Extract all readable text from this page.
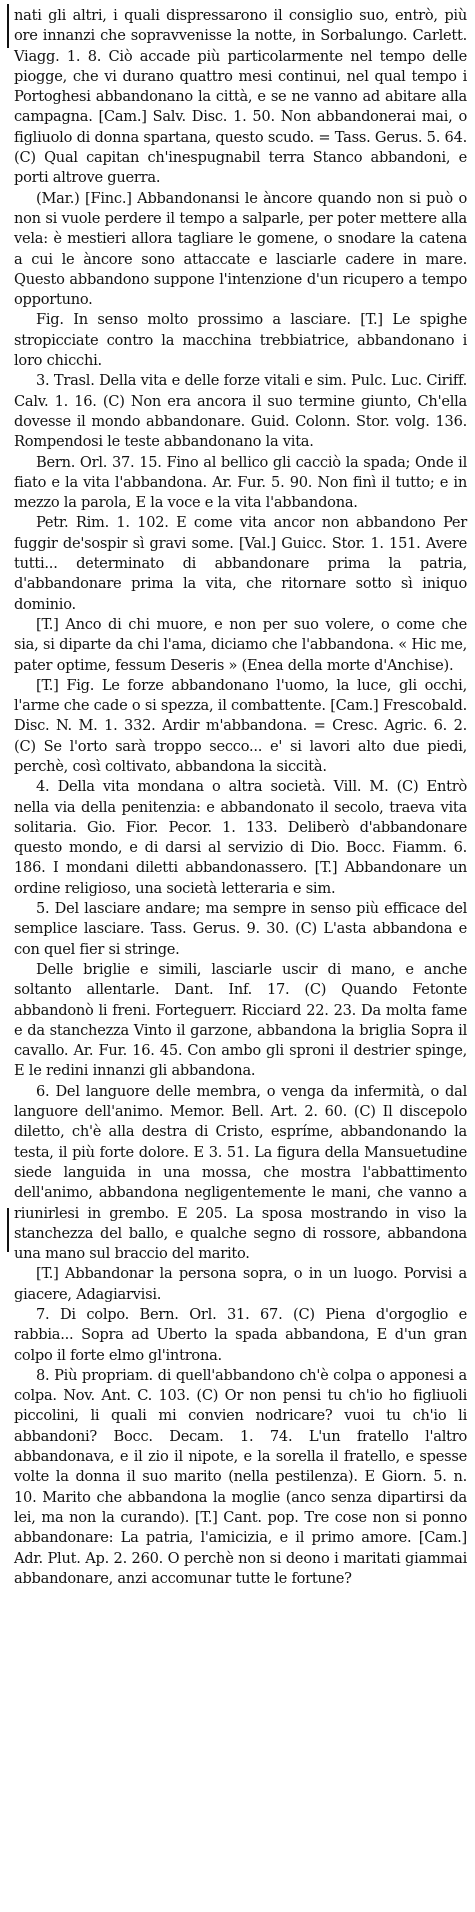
nati gli altri, i quali dispressarono il consiglio suo, entrò, più ore innanzi che sopravvenisse la notte, in Sorbalungo. Carlett. Viagg. 1. 8. Ciò accade più particolarmente nel tempo delle piogge, che vi durano quattro mesi continui, nel qual tempo i Portoghesi abbandonano la città, e se ne vanno ad abitare alla campagna. [Cam.] Salv. Disc. 1. 50. Non abbandonerai mai, o figliuolo di donna spartana, questo scudo. = Tass. Gerus. 5. 64. (C) Qual capitan ch'inespugnabil terra Stanco abbandoni, e porti altrove guerra.

(Mar.) [Finc.] Abbandonansi le àncore quando non si può o non si vuole perdere il tempo a salparle, per poter mettere alla vela: è mestieri allora tagliare le gomene, o snodare la catena a cui le àncore sono attaccate e lasciarle cadere in mare. Questo abbandono suppone l'intenzione d'un ricupero a tempo opportuno.

Fig. In senso molto prossimo a lasciare. [T.] Le spighe stropicciate contro la macchina trebbiatrice, abbandonano i loro chicchi.

3. Trasl. Della vita e delle forze vitali e sim. Pulc. Luc. Ciriff. Calv. 1. 16. (C) Non era ancora il suo termine giunto, Ch'ella dovesse il mondo abbandonare. Guid. Colonn. Stor. volg. 136. Rompendosi le teste abbandonano la vita.

Bern. Orl. 37. 15. Fino al bellico gli cacciò la spada; Onde il fiato e la vita l'abbandona. Ar. Fur. 5. 90. Non finì il tutto; e in mezzo la parola, E la voce e la vita l'abbandona.

Petr. Rim. 1. 102. E come vita ancor non abbandono Per fuggir de'sospir sì gravi some. [Val.] Guicc. Stor. 1. 151. Avere tutti... determinato di abbandonare prima la patria, d'abbandonare prima la vita, che ritornare sotto sì iniquo dominio.

[T.] Anco di chi muore, e non per suo volere, o come che sia, si diparte da chi l'ama, diciamo che l'abbandona. « Hic me, pater optime, fessum Deseris » (Enea della morte d'Anchise).

[T.] Fig. Le forze abbandonano l'uomo, la luce, gli occhi, l'arme che cade o si spezza, il combattente. [Cam.] Frescobald. Disc. N. M. 1. 332. Ardir m'abbandona. = Cresc. Agric. 6. 2. (C) Se l'orto sarà troppo secco... e' si lavori alto due piedi, perchè, così coltivato, abbandona la siccità.

4. Della vita mondana o altra società. Vill. M. (C) Entrò nella via della penitenzia: e abbandonato il secolo, traeva vita solitaria. Gio. Fior. Pecor. 1. 133. Deliberò d'abbandonare questo mondo, e di darsi al servizio di Dio. Bocc. Fiamm. 6. 186. I mondani diletti abbandonassero. [T.] Abbandonare un ordine religioso, una società letteraria e sim.

5. Del lasciare andare; ma sempre in senso più efficace del semplice lasciare. Tass. Gerus. 9. 30. (C) L'asta abbandona e con quel fier si stringe.

Delle briglie e simili, lasciarle uscir di mano, e anche soltanto allentarle. Dant. Inf. 17. (C) Quando Fetonte abbandonò li freni. Forteguerr. Ricciard 22. 23. Da molta fame e da stanchezza Vinto il garzone, abbandona la briglia Sopra il cavallo. Ar. Fur. 16. 45. Con ambo gli sproni il destrier spinge, E le redini innanzi gli abbandona.

6. Del languore delle membra, o venga da infermità, o dal languore dell'animo. Memor. Bell. Art. 2. 60. (C) Il discepolo diletto, ch'è alla destra di Cristo, espríme, abbandonando la testa, il più forte dolore. E 3. 51. La figura della Mansuetudine siede languida in una mossa, che mostra l'abbattimento dell'animo, abbandona negligentemente le mani, che vanno a riunirlesi in grembo. E 205. La sposa mostrando in viso la stanchezza del ballo, e qualche segno di rossore, abbandona una mano sul braccio del marito.

[T.] Abbandonar la persona sopra, o in un luogo. Porvisi a giacere, Adagiarvisi.

7. Di colpo. Bern. Orl. 31. 67. (C) Piena d'orgoglio e rabbia... Sopra ad Uberto la spada abbandona, E d'un gran colpo il forte elmo gl'introna.

8. Più propriam. di quell'abbandono ch'è colpa o apponesi a colpa. Nov. Ant. C. 103. (C) Or non pensi tu ch'io ho figliuoli piccolini, li quali mi convien nodricare? vuoi tu ch'io li abbandoni? Bocc. Decam. 1. 74. L'un fratello l'altro abbandonava, e il zio il nipote, e la sorella il fratello, e spesse volte la donna il suo marito (nella pestilenza). E Giorn. 5. n. 10. Marito che abbandona la moglie (anco senza dipartirsi da lei, ma non la curando). [T.] Cant. pop. Tre cose non si ponno abbandonare: La patria, l'amicizia, e il primo amore. [Cam.] Adr. Plut. Ap. 2. 260. O perchè non si deono i maritati giammai abbandonare, anzi accomunar tutte le fortune?
